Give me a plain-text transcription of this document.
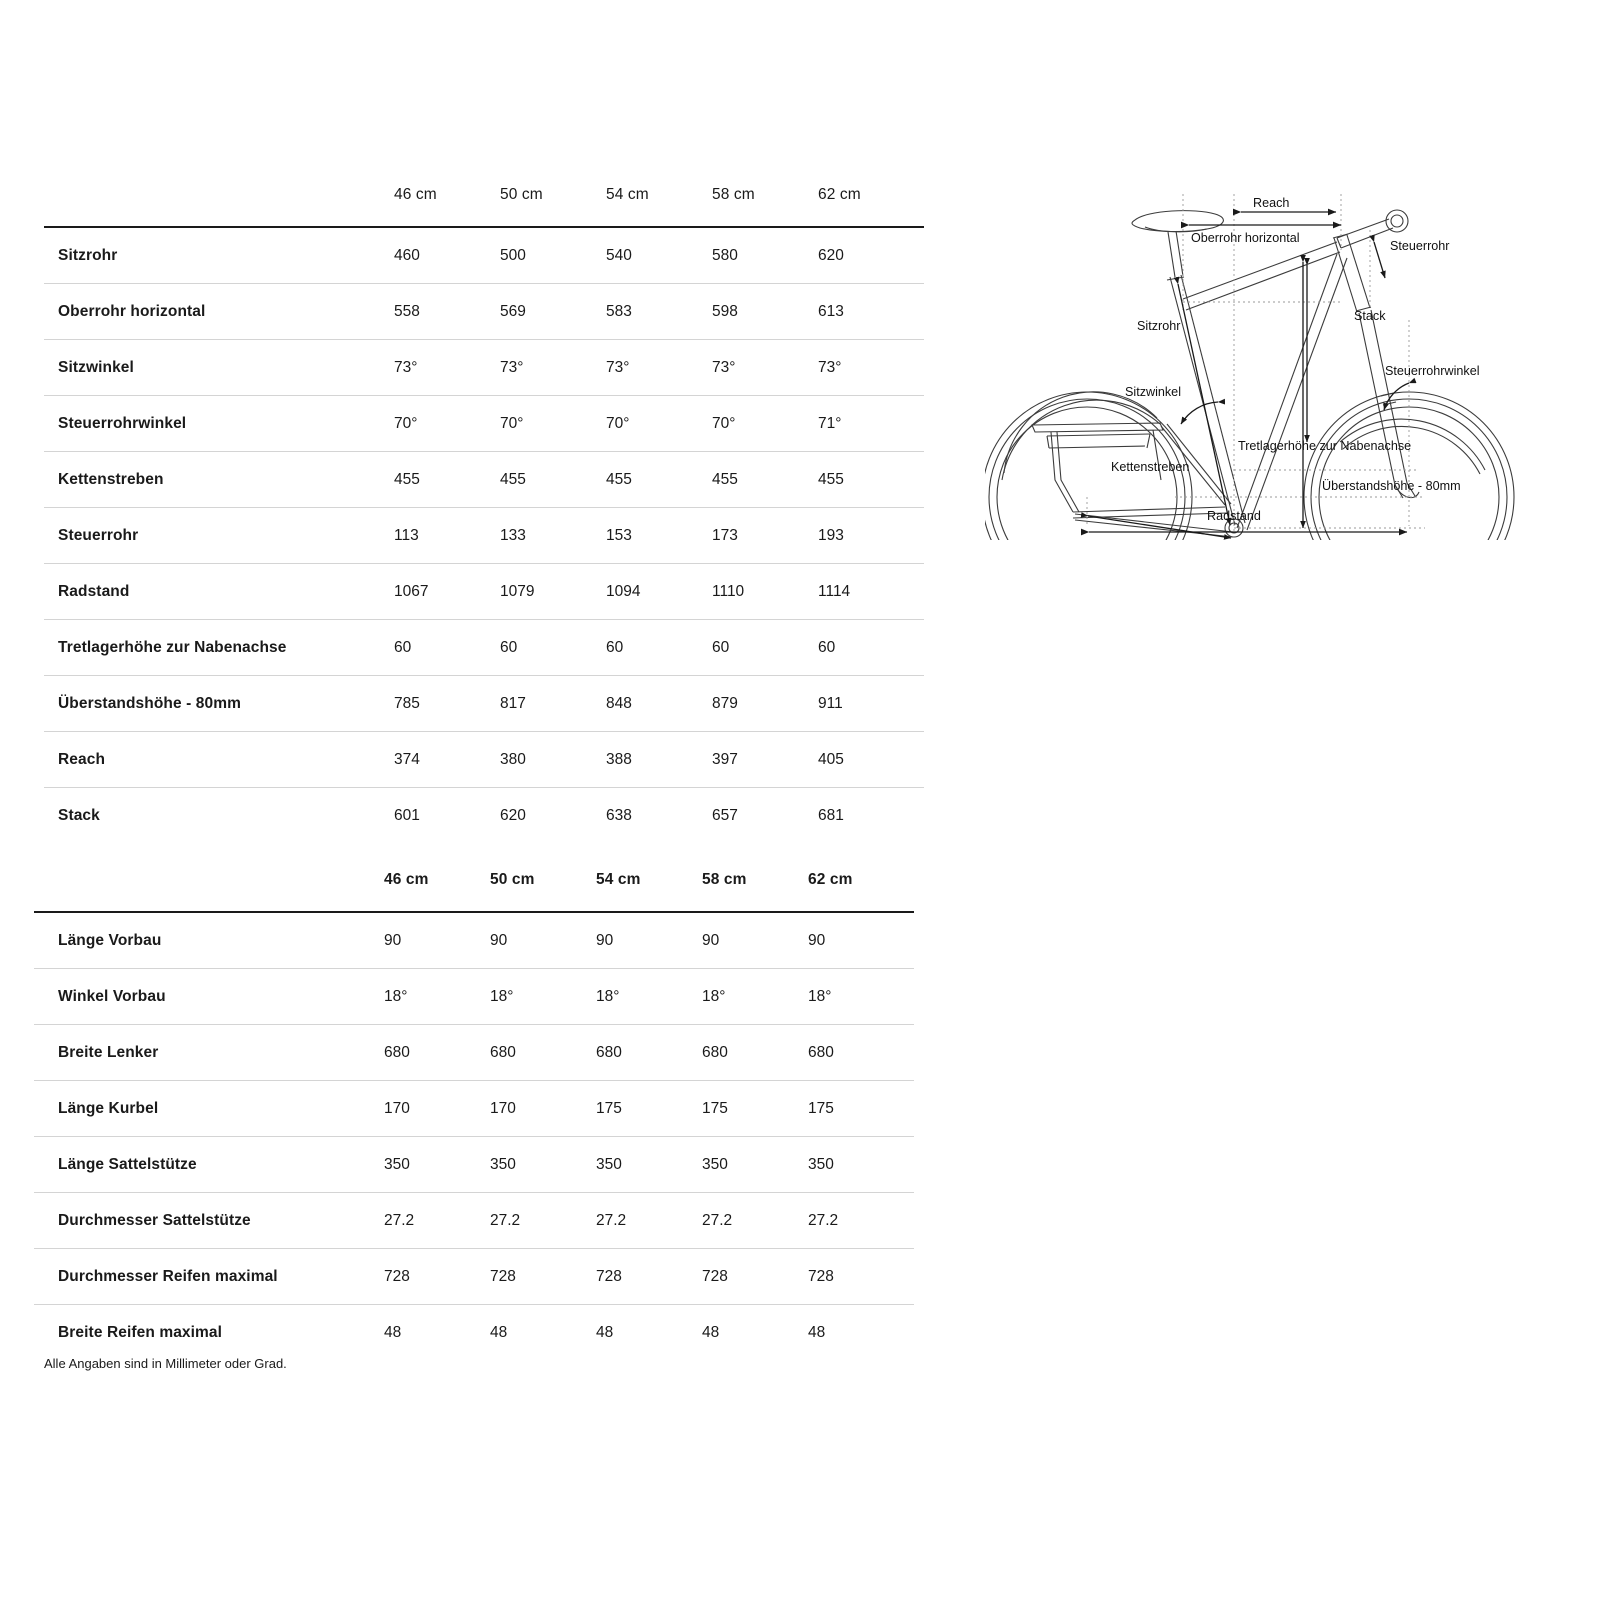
	46 cm	50 cm	54 cm	58 cm	62 cm
Sitzrohr	460	500	540	580	620
Oberrohr horizontal	558	569	583	598	613
Sitzwinkel	73°	73°	73°	73°	73°
Steuerrohrwinkel	70°	70°	70°	70°	71°
Kettenstreben	455	455	455	455	455
Steuerrohr	113	133	153	173	193
Radstand	1067	1079	1094	1110	1114
Tretlagerhöhe zur Nabenachse	60	60	60	60	60
Überstandshöhe - 80mm	785	817	848	879	911
Reach	374	380	388	397	405
Stack	601	620	638	657	681
	46 cm	50 cm	54 cm	58 cm	62 cm
Länge Vorbau	90	90	90	90	90
Winkel Vorbau	18°	18°	18°	18°	18°
Breite Lenker	680	680	680	680	680
Länge Kurbel	170	170	175	175	175
Länge Sattelstütze	350	350	350	350	350
Durchmesser Sattelstütze	27.2	27.2	27.2	27.2	27.2
Durchmesser Reifen maximal	728	728	728	728	728
Breite Reifen maximal	48	48	48	48	48
Alle Angaben sind in Millimeter oder Grad.
Reach
Oberrohr horizontal
Steuerrohr
Stack
Steuerrohrwinkel
Sitzrohr
Sitzwinkel
Tretlagerhöhe zur Nabenachse
Kettenstreben
Überstandshöhe - 80mm
Radstand
